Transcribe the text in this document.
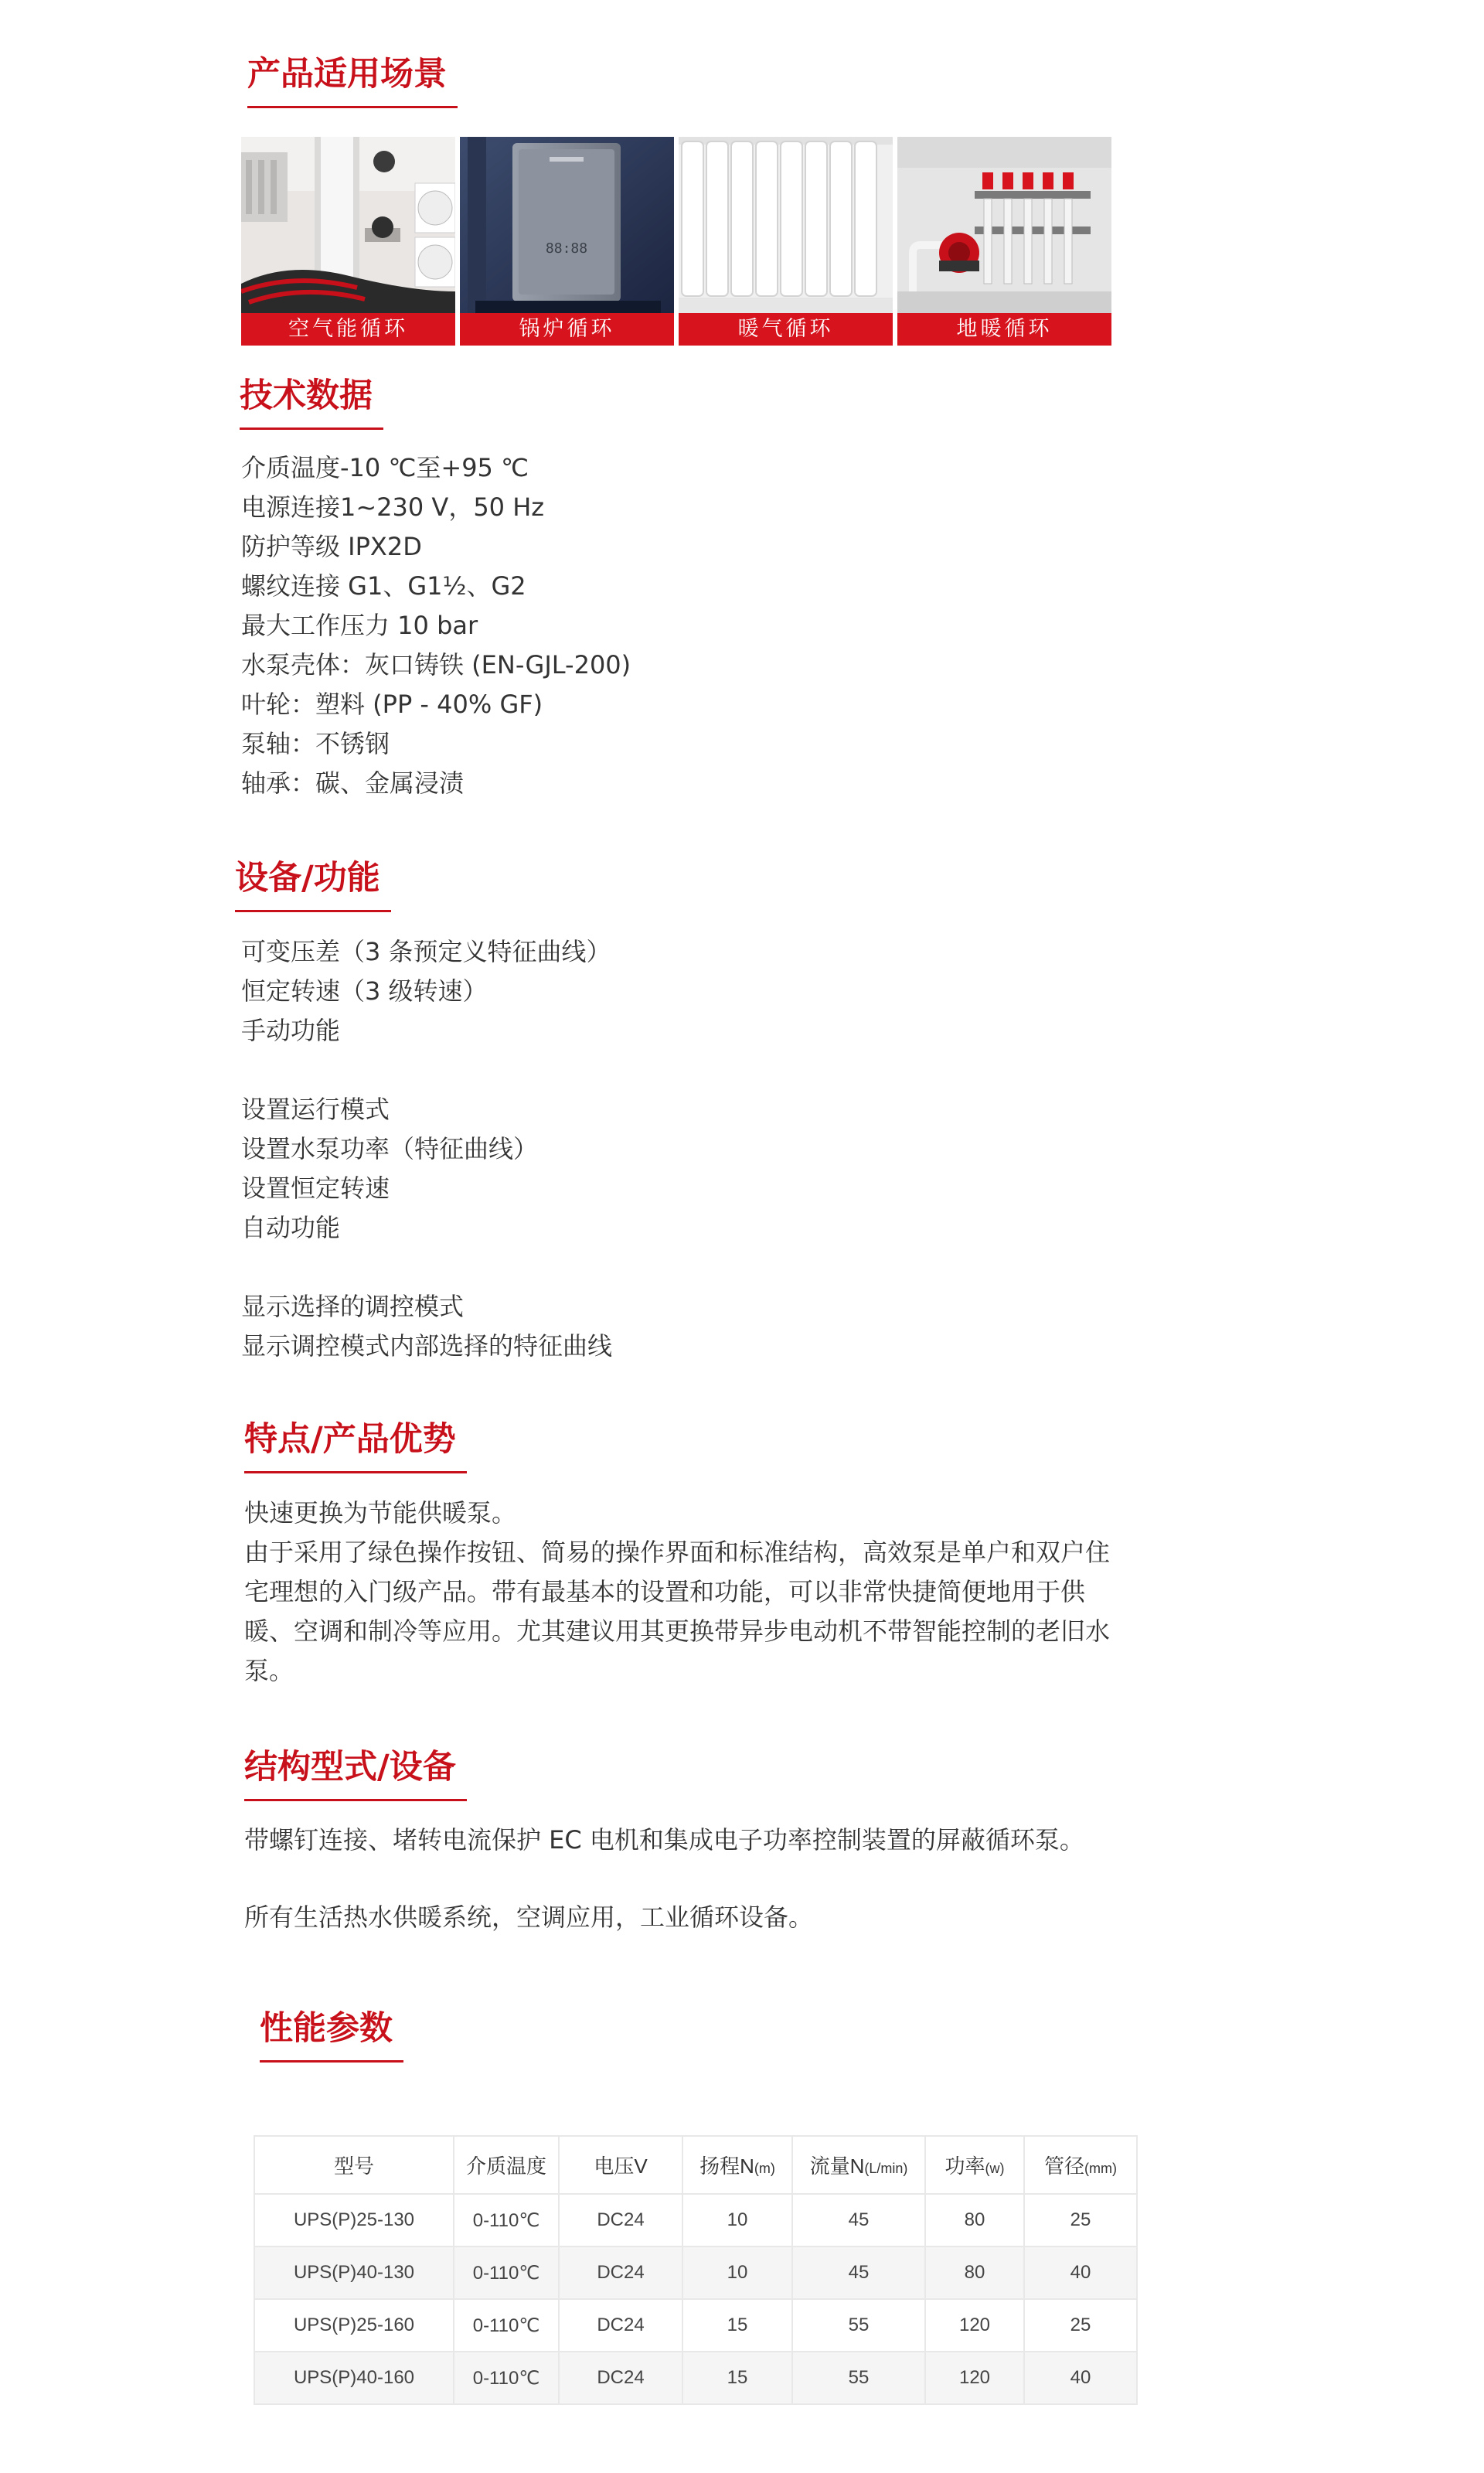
产品适用场景
空气能循环
88:88
锅炉循环	暖气循环	地暖循环
技术数据
介质温度-10 ℃至+95 ℃
电源连接1~230 V，50 Hz
防护等级 IPX2D
螺纹连接 G1、G1½、G2
最大工作压力 10 bar
水泵壳体：灰口铸铁 (EN-GJL-200)
叶轮：塑料 (PP - 40% GF)
泵轴：不锈钢
轴承：碳、金属浸渍
设备/功能
可变压差（3 条预定义特征曲线）
恒定转速（3 级转速）
手动功能
设置运行模式
设置水泵功率（特征曲线）
设置恒定转速
自动功能
显示选择的调控模式
显示调控模式内部选择的特征曲线
特点/产品优势
快速更换为节能供暖泵。
由于采用了绿色操作按钮、简易的操作界面和标准结构，高效泵是单户和双户住宅理想的入门级产品。带有最基本的设置和功能，可以非常快捷简便地用于供暖、空调和制冷等应用。尤其建议用其更换带异步电动机不带智能控制的老旧水泵。
结构型式/设备

带螺钉连接、堵转电流保护 EC 电机和集成电子功率控制装置的屏蔽循环泵。

所有生活热水供暖系统，空调应用，工业循环设备。

性能参数
型号	介质温度	电压V	扬程N(m)	流量N(L/min)	功率(w)	管径(mm)
UPS(P)25-130	0-110℃	DC24	10	45	80	25
UPS(P)40-130	0-110℃	DC24	10	45	80	40
UPS(P)25-160	0-110℃	DC24	15	55	120	25
UPS(P)40-160	0-110℃	DC24	15	55	120	40
